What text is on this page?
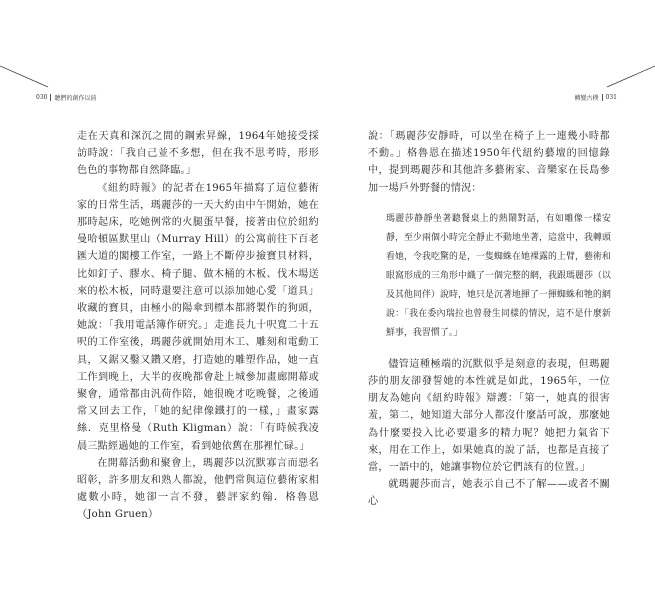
030 聽們的創作以前

走在天真和深沉之間的鋼索昇線，1964年她接受採訪時說：「我自己並不多想，但在我不思考時，形形色色的事物都自然降臨。」

《紐約時報》的記者在1965年描寫了這位藝術家的日常生活，瑪麗莎的一天大約由中午開始，她在那時起床，吃她例常的火腿蛋早餐，接著由位於紐約曼哈頓區默里山（Murray Hill）的公寓前往下百老匯大道的閣樓工作室，一路上不斷停步撿寶貝材料，比如釘子、膠水、椅子腿、做木桶的木板、伐木場送來的松木板，同時還要注意可以添加她心愛「道具」收藏的寶貝，由極小的陽傘到標本都將製作的狗頭，她說：「我用電話簿作研究。」走進長九十呎寬二十五呎的工作室後，瑪麗莎就開始用木工、雕刻和電動工具，又鋸又鑿又鑽又磨，打造她的雕塑作品，她一直工作到晚上，大半的夜晚都會赴上城參加畫廊開幕或聚會，通常都由汎荷作陪，她很晚才吃晚餐，之後通常又回去工作，「她的紀律像鐵打的一樣，」畫家露絲．克里格曼（Ruth Kligman）說：「有時候我凌晨三點經過她的工作室，看到她依舊在那裡忙碌。」

在開幕活動和聚會上，瑪麗莎以沉默寡言而惡名昭彰，許多朋友和熟人都說，他們常與這位藝術家相處數小時，她卻一言不發，藝評家約翰．格魯恩（John Gruen）

轉變古樸 031

說：「瑪麗莎安靜時，可以坐在椅子上一連幾小時都不動。」格魯恩在描述1950年代紐約藝壇的回憶錄中，提到瑪麗莎和其他許多藝術家、音樂家在長島參加一場戶外野餐的情況：

瑪麗莎静靜坐著聽餐桌上的熱鬧對話，有如雕像一樣安靜，至少兩個小時完全靜止不動地坐著，這當中，我轉頭看她，令我吃驚的是，一隻蜘蛛在她裸露的上臂，藝術和眼窩形成的三角形中織了一個完整的網，我跟瑪麗莎（以及其他同伴）說時，她只是沉著地揮了一揮蜘蛛和牠的網說：「我在委內瑞拉也曾發生同樣的情況，這不是什麼新鮮事，我習慣了。」

儘管這種極端的沉默似乎是刻意的表現，但瑪麗莎的朋友卻發誓她的本性就是如此，1965年，一位朋友為她向《紐約時報》辯護：「第一，她真的很害羞，第二，她知道大部分人都沒什麼話可說，那麼她為什麼要投入比必要還多的精力呢？她把力氣省下來，用在工作上，如果她真的說了話，也都是直接了當，一語中的，她讓事物位於它們該有的位置。」

就瑪麗莎而言，她表示自己不了解——或者不關心
